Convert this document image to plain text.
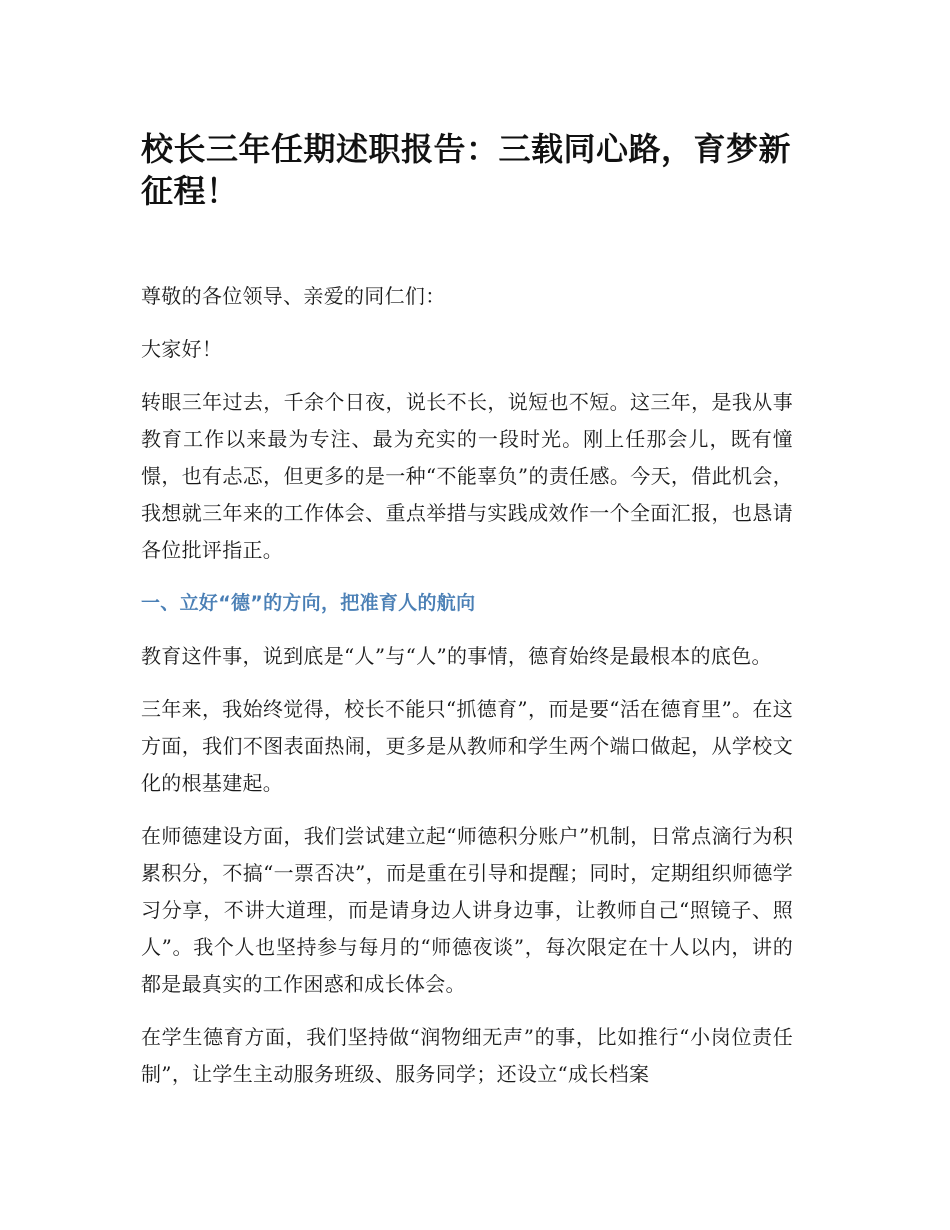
校长三年任期述职报告：三载同心路，育梦新征程！

尊敬的各位领导、亲爱的同仁们：

大家好！

转眼三年过去，千余个日夜，说长不长，说短也不短。这三年，是我从事教育工作以来最为专注、最为充实的一段时光。刚上任那会儿，既有憧憬，也有忐忑，但更多的是一种“不能辜负”的责任感。今天，借此机会，我想就三年来的工作体会、重点举措与实践成效作一个全面汇报，也恳请各位批评指正。

一、立好“德”的方向，把准育人的航向

教育这件事，说到底是“人”与“人”的事情，德育始终是最根本的底色。

三年来，我始终觉得，校长不能只“抓德育”，而是要“活在德育里”。在这方面，我们不图表面热闹，更多是从教师和学生两个端口做起，从学校文化的根基建起。

在师德建设方面，我们尝试建立起“师德积分账户”机制，日常点滴行为积累积分，不搞“一票否决”，而是重在引导和提醒；同时，定期组织师德学习分享，不讲大道理，而是请身边人讲身边事，让教师自己“照镜子、照人”。我个人也坚持参与每月的“师德夜谈”，每次限定在十人以内，讲的都是最真实的工作困惑和成长体会。

在学生德育方面，我们坚持做“润物细无声”的事，比如推行“小岗位责任制”，让学生主动服务班级、服务同学；还设立“成长档案
